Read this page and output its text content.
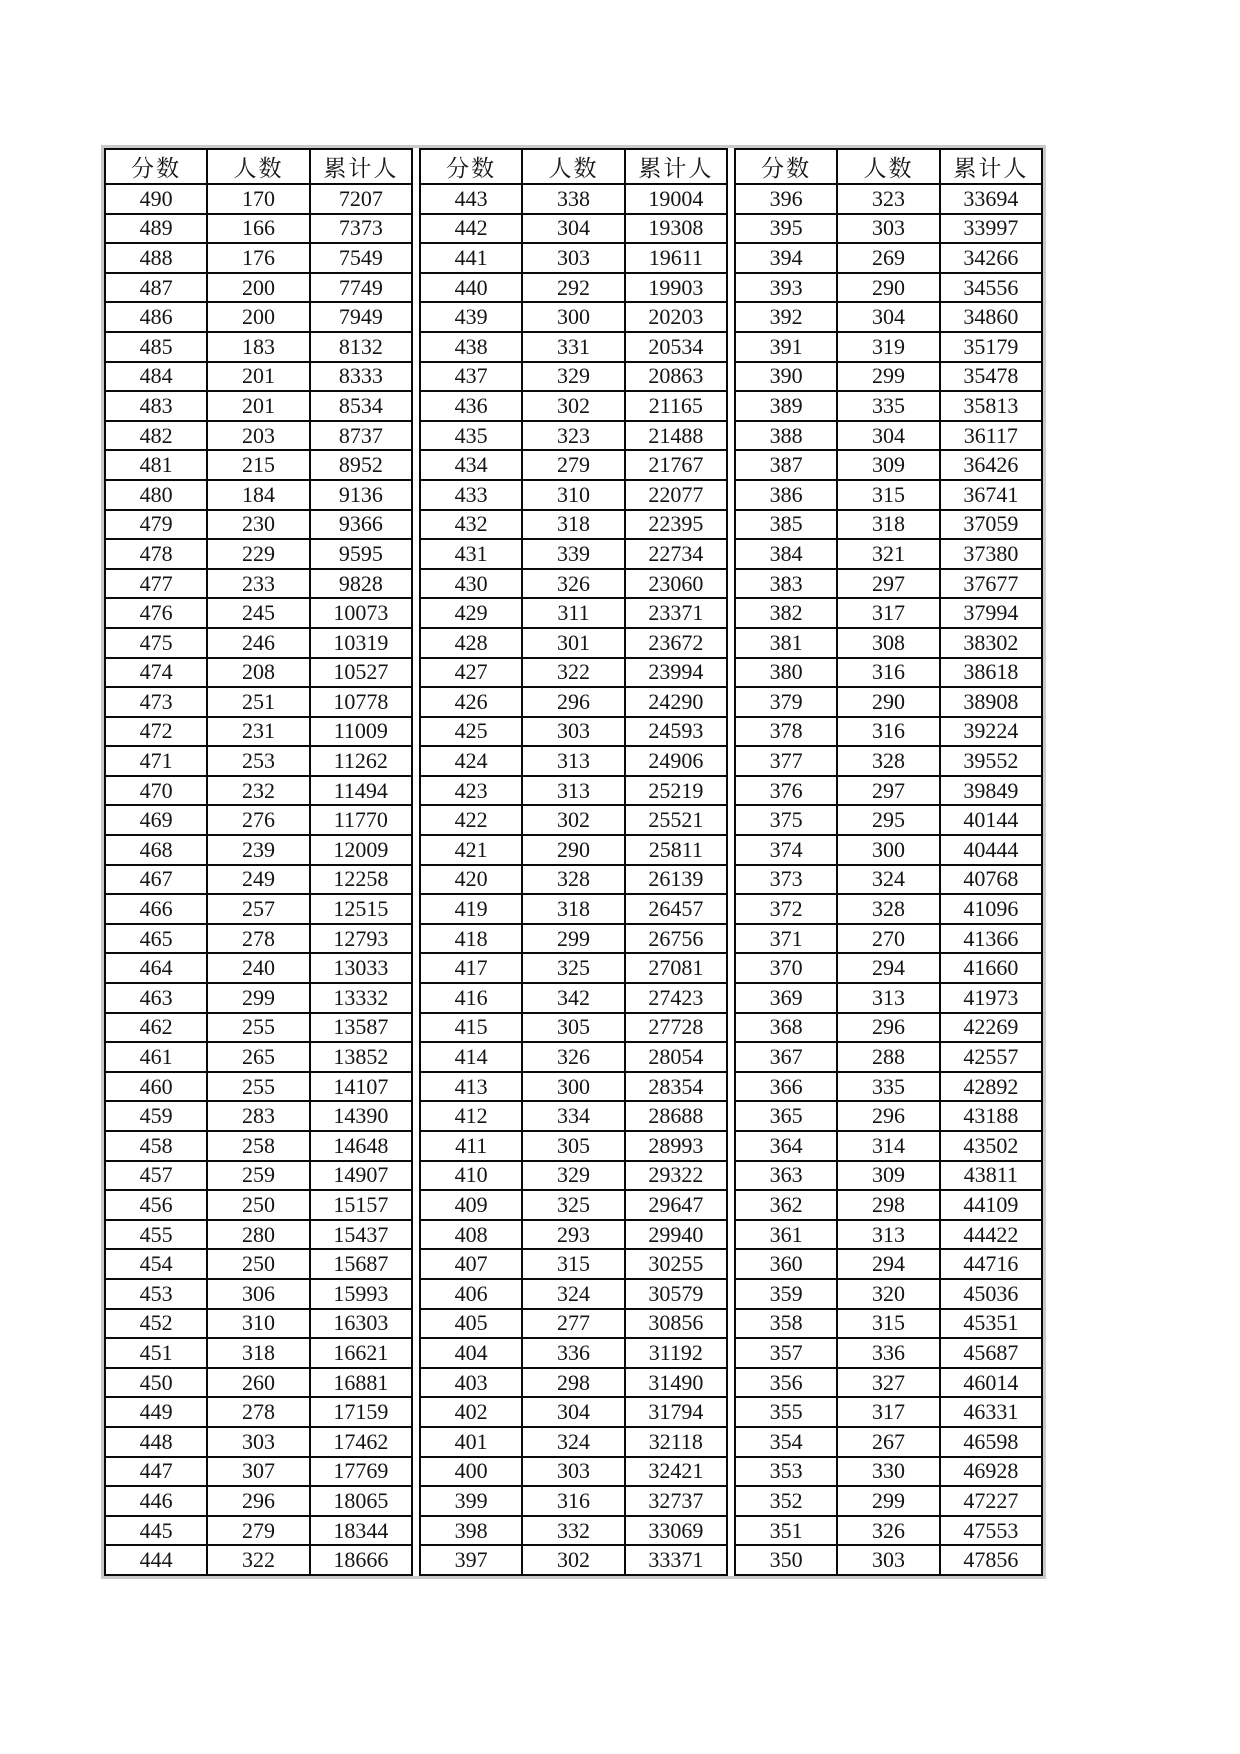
分数	人数	累计人
490	170	7207
489	166	7373
488	176	7549
487	200	7749
486	200	7949
485	183	8132
484	201	8333
483	201	8534
482	203	8737
481	215	8952
480	184	9136
479	230	9366
478	229	9595
477	233	9828
476	245	10073
475	246	10319
474	208	10527
473	251	10778
472	231	11009
471	253	11262
470	232	11494
469	276	11770
468	239	12009
467	249	12258
466	257	12515
465	278	12793
464	240	13033
463	299	13332
462	255	13587
461	265	13852
460	255	14107
459	283	14390
458	258	14648
457	259	14907
456	250	15157
455	280	15437
454	250	15687
453	306	15993
452	310	16303
451	318	16621
450	260	16881
449	278	17159
448	303	17462
447	307	17769
446	296	18065
445	279	18344
444	322	18666
分数	人数	累计人
443	338	19004
442	304	19308
441	303	19611
440	292	19903
439	300	20203
438	331	20534
437	329	20863
436	302	21165
435	323	21488
434	279	21767
433	310	22077
432	318	22395
431	339	22734
430	326	23060
429	311	23371
428	301	23672
427	322	23994
426	296	24290
425	303	24593
424	313	24906
423	313	25219
422	302	25521
421	290	25811
420	328	26139
419	318	26457
418	299	26756
417	325	27081
416	342	27423
415	305	27728
414	326	28054
413	300	28354
412	334	28688
411	305	28993
410	329	29322
409	325	29647
408	293	29940
407	315	30255
406	324	30579
405	277	30856
404	336	31192
403	298	31490
402	304	31794
401	324	32118
400	303	32421
399	316	32737
398	332	33069
397	302	33371
分数	人数	累计人
396	323	33694
395	303	33997
394	269	34266
393	290	34556
392	304	34860
391	319	35179
390	299	35478
389	335	35813
388	304	36117
387	309	36426
386	315	36741
385	318	37059
384	321	37380
383	297	37677
382	317	37994
381	308	38302
380	316	38618
379	290	38908
378	316	39224
377	328	39552
376	297	39849
375	295	40144
374	300	40444
373	324	40768
372	328	41096
371	270	41366
370	294	41660
369	313	41973
368	296	42269
367	288	42557
366	335	42892
365	296	43188
364	314	43502
363	309	43811
362	298	44109
361	313	44422
360	294	44716
359	320	45036
358	315	45351
357	336	45687
356	327	46014
355	317	46331
354	267	46598
353	330	46928
352	299	47227
351	326	47553
350	303	47856
